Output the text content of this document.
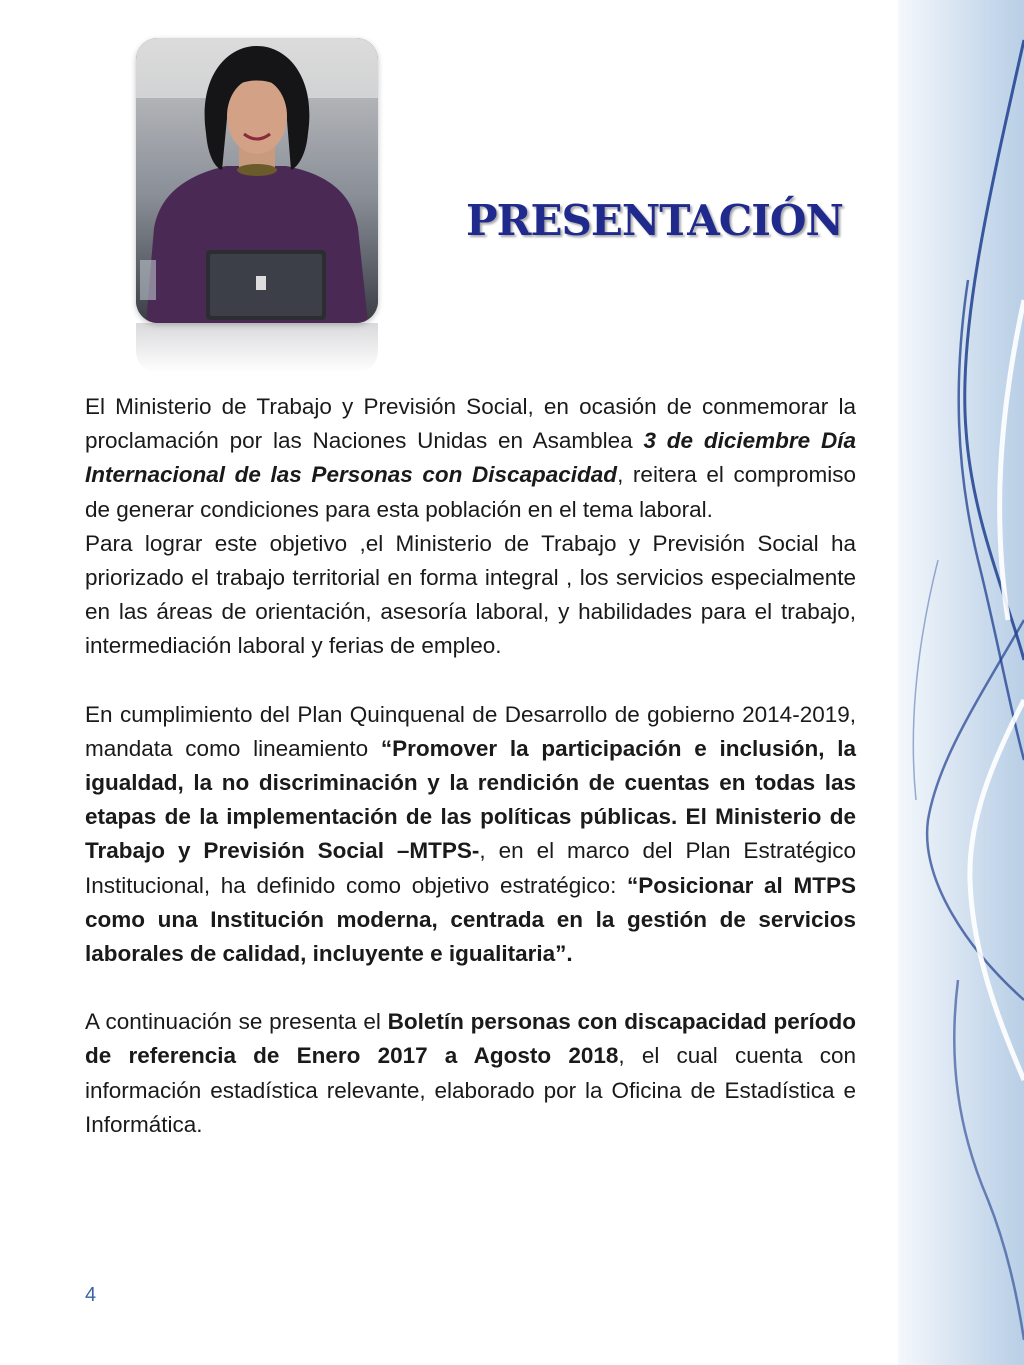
PRESENTACIÓN

El Ministerio de Trabajo y Previsión Social, en ocasión de conmemorar la proclamación por las Naciones Unidas en Asamblea 3 de diciembre Día Internacional de las Personas con Discapacidad, reitera el compromiso de generar condiciones para esta población en el tema laboral.

Para lograr este objetivo ,el Ministerio de Trabajo y Previsión Social ha priorizado el trabajo territorial en forma integral , los servicios especialmente en las áreas de orientación, asesoría laboral, y habilidades para el trabajo, intermediación laboral y ferias de empleo.

En cumplimiento del Plan Quinquenal de Desarrollo de gobierno 2014-2019, mandata como lineamiento “Promover la participación e inclusión, la igualdad, la no discriminación y la rendición de cuentas en todas las etapas de la implementación de las políticas públicas. El Ministerio de Trabajo y Previsión Social –MTPS-, en el marco del Plan Estratégico Institucional, ha definido como objetivo estratégico: “Posicionar al MTPS como una Institución moderna, centrada en la gestión de servicios laborales de calidad, incluyente e igualitaria”.

A continuación se presenta el Boletín personas con discapacidad período de referencia de Enero 2017 a Agosto 2018, el cual cuenta con información estadística relevante, elaborado por la Oficina de Estadística e Informática.

4
